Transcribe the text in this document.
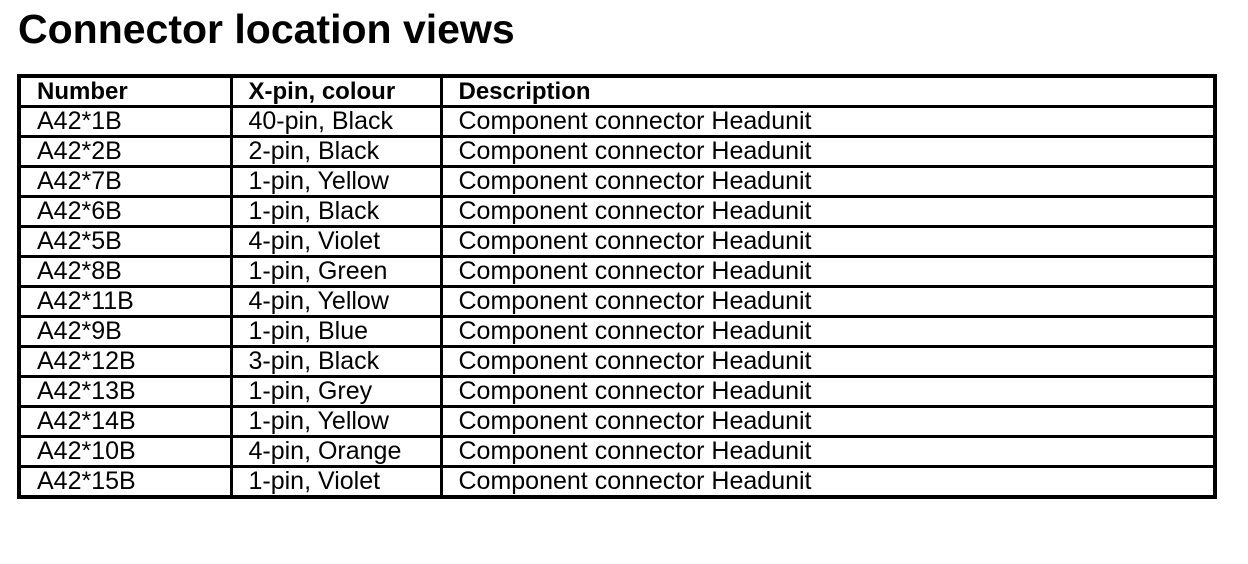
Connector location views
Number	X-pin, colour	Description
A42*1B	40-pin, Black	Component connector Headunit
A42*2B	2-pin, Black	Component connector Headunit
A42*7B	1-pin, Yellow	Component connector Headunit
A42*6B	1-pin, Black	Component connector Headunit
A42*5B	4-pin, Violet	Component connector Headunit
A42*8B	1-pin, Green	Component connector Headunit
A42*11B	4-pin, Yellow	Component connector Headunit
A42*9B	1-pin, Blue	Component connector Headunit
A42*12B	3-pin, Black	Component connector Headunit
A42*13B	1-pin, Grey	Component connector Headunit
A42*14B	1-pin, Yellow	Component connector Headunit
A42*10B	4-pin, Orange	Component connector Headunit
A42*15B	1-pin, Violet	Component connector Headunit
